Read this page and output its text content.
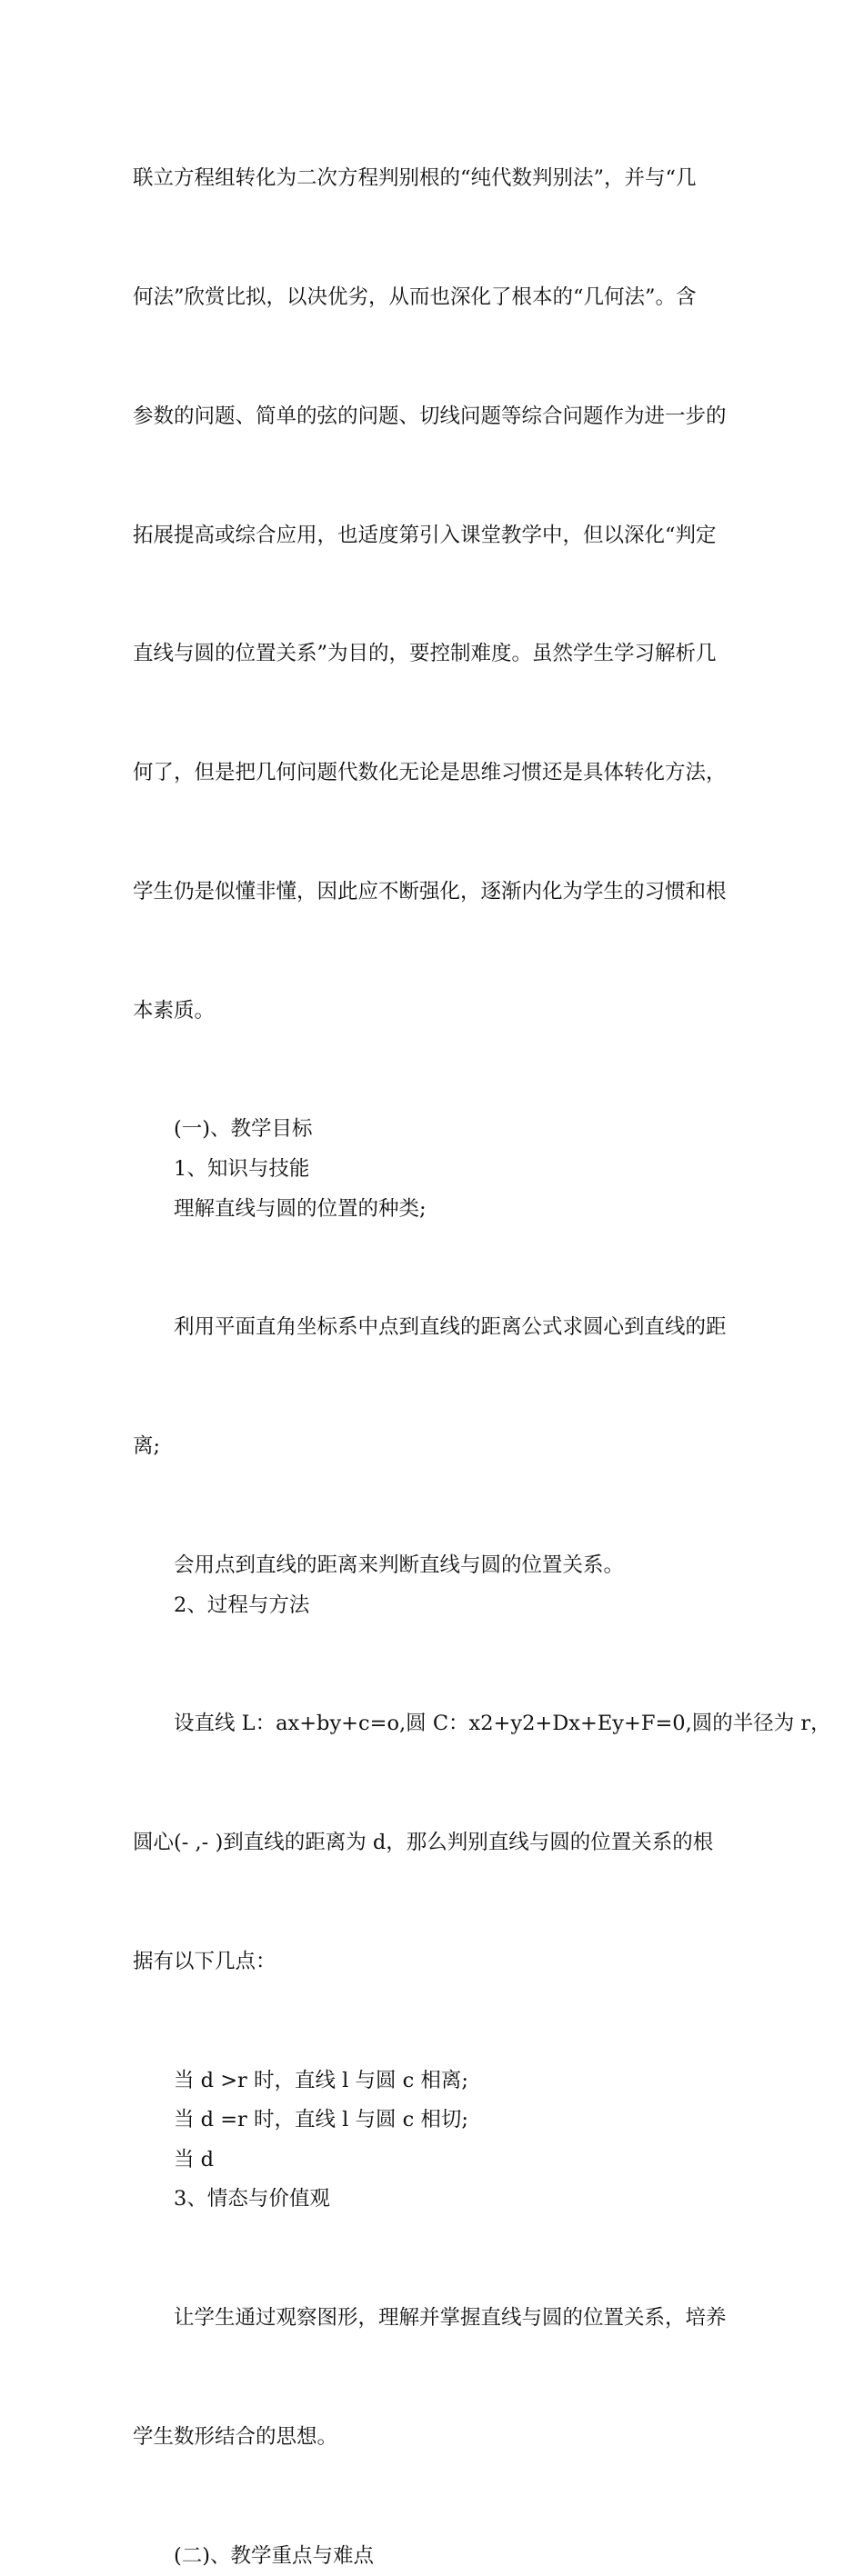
联立方程组转化为二次方程判别根的“纯代数判别法”，并与“几

何法”欣赏比拟，以决优劣，从而也深化了根本的“几何法”。含

参数的问题、简单的弦的问题、切线问题等综合问题作为进一步的

拓展提高或综合应用，也适度第引入课堂教学中，但以深化“判定

直线与圆的位置关系”为目的，要控制难度。虽然学生学习解析几

何了，但是把几何问题代数化无论是思维习惯还是具体转化方法，

学生仍是似懂非懂，因此应不断强化，逐渐内化为学生的习惯和根

本素质。

(一)、教学目标
1、知识与技能
理解直线与圆的位置的种类;

利用平面直角坐标系中点到直线的距离公式求圆心到直线的距

离;

会用点到直线的距离来判断直线与圆的位置关系。
2、过程与方法

设直线 L：ax+by+c=o,圆 C：x2+y2+Dx+Ey+F=0,圆的半径为 r，

圆心(- ,- )到直线的距离为 d，那么判别直线与圆的位置关系的根

据有以下几点：

当 d >r 时，直线 l 与圆 c 相离;
当 d =r 时，直线 l 与圆 c 相切;
当 d
3、情态与价值观

让学生通过观察图形，理解并掌握直线与圆的位置关系，培养

学生数形结合的思想。

(二)、教学重点与难点
